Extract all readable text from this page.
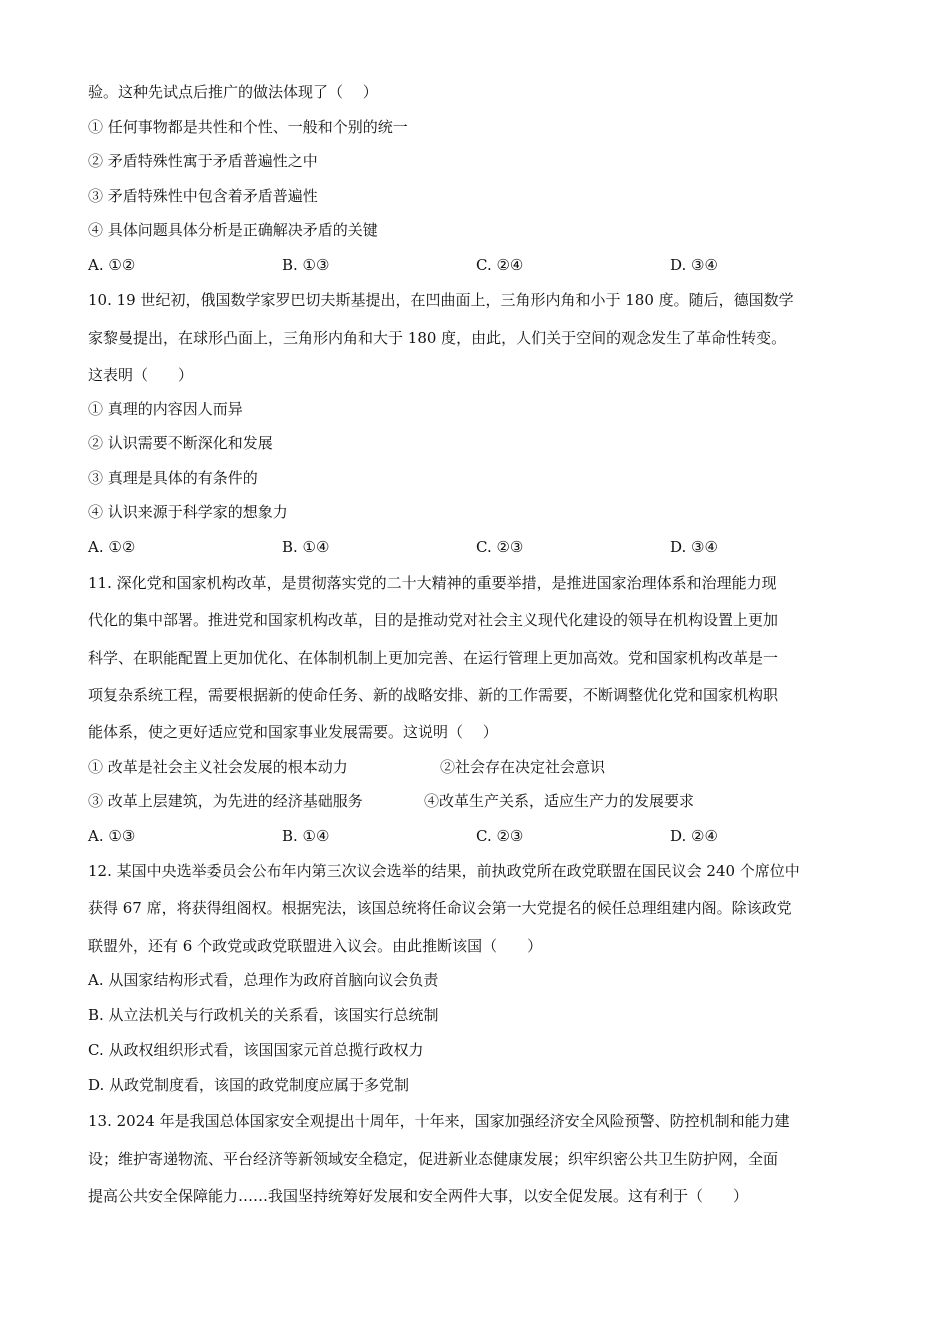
验。这种先试点后推广的做法体现了（　 ）
① 任何事物都是共性和个性、一般和个别的统一
② 矛盾特殊性寓于矛盾普遍性之中
③ 矛盾特殊性中包含着矛盾普遍性
④ 具体问题具体分析是正确解决矛盾的关键
A. ①②	B. ①③	C. ②④	D. ③④
10. 19 世纪初，俄国数学家罗巴切夫斯基提出，在凹曲面上，三角形内角和小于 180 度。随后，德国数学
家黎曼提出，在球形凸面上，三角形内角和大于 180 度，由此，人们关于空间的观念发生了革命性转变。
这表明（　　）
① 真理的内容因人而异
② 认识需要不断深化和发展
③ 真理是具体的有条件的
④ 认识来源于科学家的想象力
A. ①②	B. ①④	C. ②③	D. ③④
11. 深化党和国家机构改革，是贯彻落实党的二十大精神的重要举措，是推进国家治理体系和治理能力现
代化的集中部署。推进党和国家机构改革，目的是推动党对社会主义现代化建设的领导在机构设置上更加
科学、在职能配置上更加优化、在体制机制上更加完善、在运行管理上更加高效。党和国家机构改革是一
项复杂系统工程，需要根据新的使命任务、新的战略安排、新的工作需要，不断调整优化党和国家机构职
能体系，使之更好适应党和国家事业发展需要。这说明（　 ）
① 改革是社会主义社会发展的根本动力	②社会存在决定社会意识
③ 改革上层建筑，为先进的经济基础服务	④改革生产关系，适应生产力的发展要求
A. ①③	B. ①④	C. ②③	D. ②④
12. 某国中央选举委员会公布年内第三次议会选举的结果，前执政党所在政党联盟在国民议会 240 个席位中
获得 67 席，将获得组阁权。根据宪法，该国总统将任命议会第一大党提名的候任总理组建内阁。除该政党
联盟外，还有 6 个政党或政党联盟进入议会。由此推断该国（　　）
A. 从国家结构形式看，总理作为政府首脑向议会负责
B. 从立法机关与行政机关的关系看，该国实行总统制
C. 从政权组织形式看，该国国家元首总揽行政权力
D. 从政党制度看，该国的政党制度应属于多党制
13. 2024 年是我国总体国家安全观提出十周年，十年来，国家加强经济安全风险预警、防控机制和能力建
设；维护寄递物流、平台经济等新领域安全稳定，促进新业态健康发展；织牢织密公共卫生防护网，全面
提高公共安全保障能力……我国坚持统筹好发展和安全两件大事，以安全促发展。这有利于（　　）
